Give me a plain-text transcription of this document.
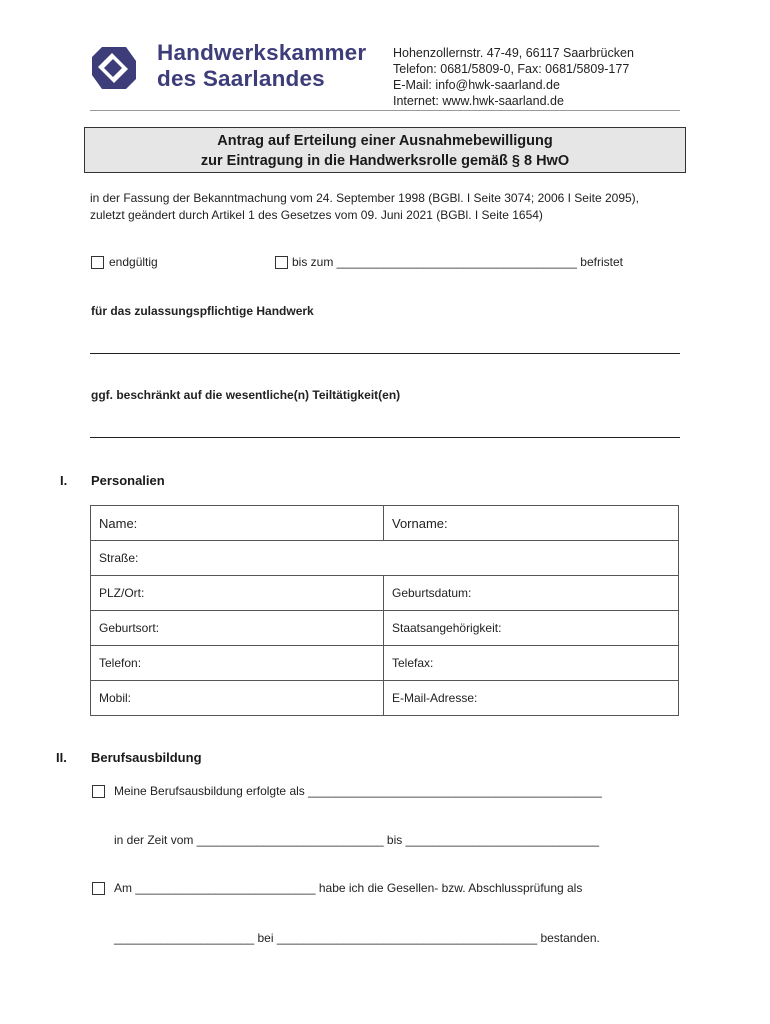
Handwerkskammer
des Saarlandes
Hohenzollernstr. 47-49, 66117 Saarbrücken
Telefon: 0681/5809-0, Fax: 0681/5809-177
E-Mail: info@hwk-saarland.de
Internet: www.hwk-saarland.de
Antrag auf Erteilung einer Ausnahmebewilligung
zur Eintragung in die Handwerksrolle gemäß § 8 HwO
in der Fassung der Bekanntmachung vom 24. September 1998 (BGBl. I Seite 3074; 2006 I Seite 2095),
zuletzt geändert durch Artikel 1 des Gesetzes vom 09. Juni 2021 (BGBl. I Seite 1654)
endgültig	bis zum ____________________________________ befristet
für das zulassungspflichtige Handwerk
ggf. beschränkt auf die wesentliche(n) Teiltätigkeit(en)
I. Personalien
Name:	Vorname:
Straße:	
PLZ/Ort:	Geburtsdatum:
Geburtsort:	Staatsangehörigkeit:
Telefon:	Telefax:
Mobil:	E-Mail-Adresse:
II. Berufsausbildung
Meine Berufsausbildung erfolgte als ____________________________________________
in der Zeit vom ____________________________ bis _____________________________
Am ___________________________ habe ich die Gesellen- bzw. Abschlussprüfung als
_____________________ bei _______________________________________ bestanden.
